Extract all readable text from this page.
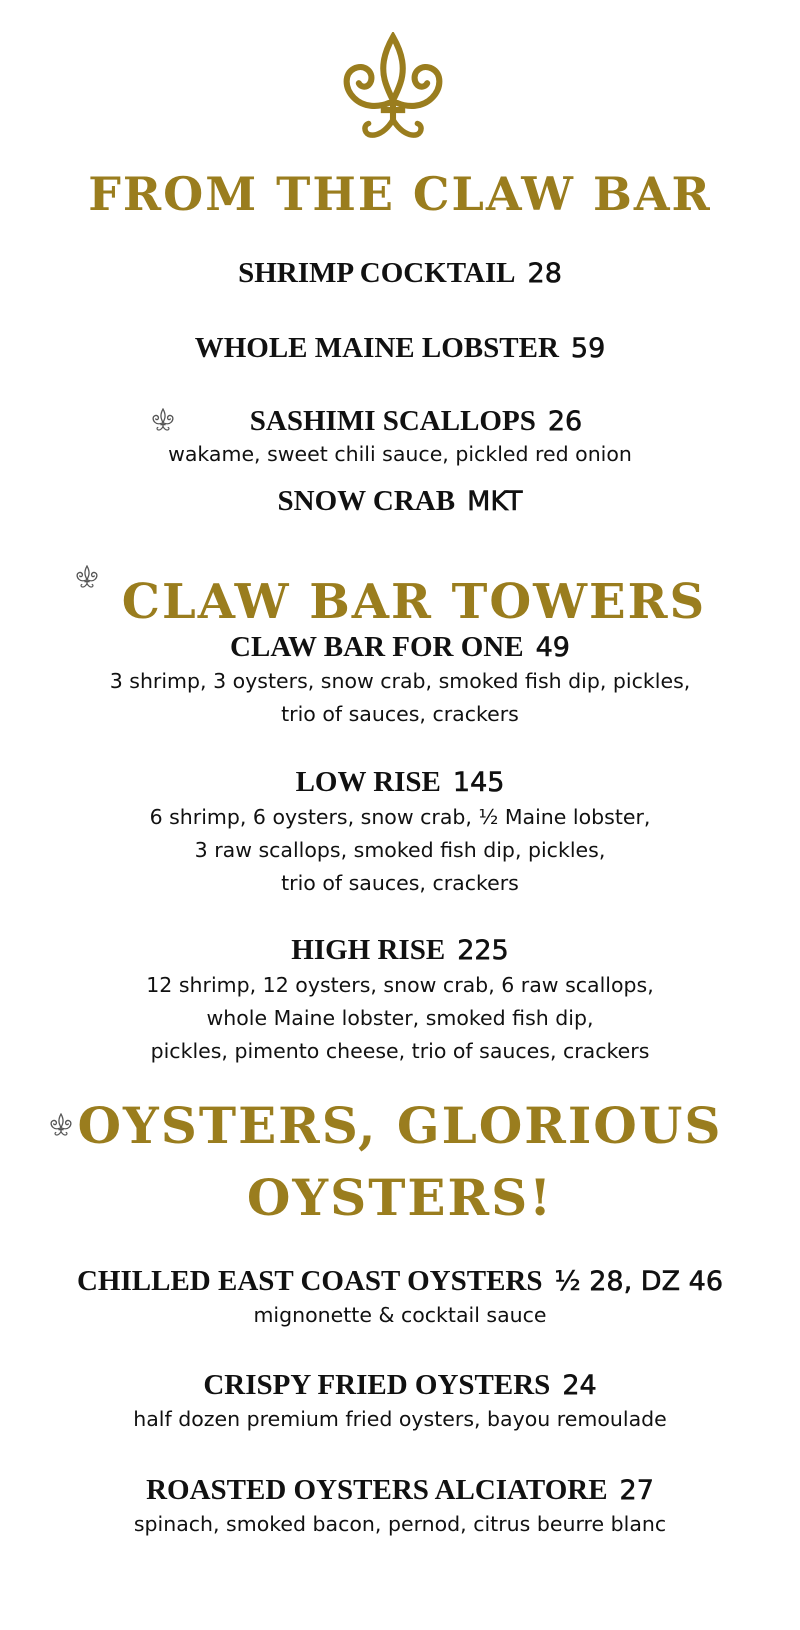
FROM THE CLAW BAR
SHRIMP COCKTAIL 28
WHOLE MAINE LOBSTER 59
SASHIMI SCALLOPS 26
wakame, sweet chili sauce, pickled red onion
SNOW CRAB MKT
CLAW BAR TOWERS
CLAW BAR FOR ONE 49
3 shrimp, 3 oysters, snow crab, smoked fish dip, pickles,
trio of sauces, crackers
LOW RISE 145
6 shrimp, 6 oysters, snow crab, ½ Maine lobster,
3 raw scallops, smoked fish dip, pickles,
trio of sauces, crackers
HIGH RISE 225
12 shrimp, 12 oysters, snow crab, 6 raw scallops,
whole Maine lobster, smoked fish dip,
pickles, pimento cheese, trio of sauces, crackers
OYSTERS, GLORIOUS
OYSTERS!
CHILLED EAST COAST OYSTERS ½ 28, DZ 46
mignonette & cocktail sauce
CRISPY FRIED OYSTERS 24
half dozen premium fried oysters, bayou remoulade
ROASTED OYSTERS ALCIATORE 27
spinach, smoked bacon, pernod, citrus beurre blanc
